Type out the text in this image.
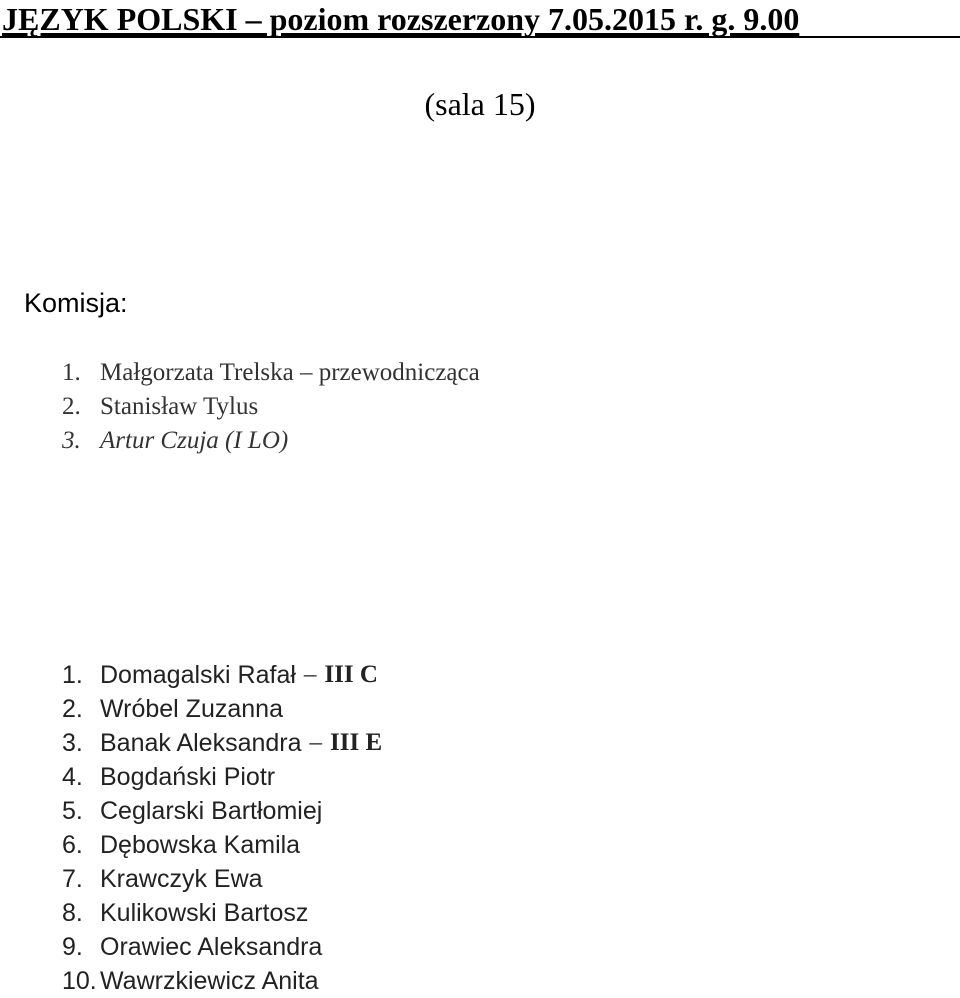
JĘZYK POLSKI – poziom rozszerzony 7.05.2015 r. g. 9.00
(sala 15)
Komisja:
1. Małgorzata Trelska – przewodnicząca
2. Stanisław Tylus
3. Artur Czuja (I LO)
1. Domagalski Rafał – III C
2. Wróbel Zuzanna
3. Banak Aleksandra – III E
4. Bogdański Piotr
5. Ceglarski Bartłomiej
6. Dębowska Kamila
7. Krawczyk Ewa
8. Kulikowski Bartosz
9. Orawiec Aleksandra
10. Wawrzkiewicz Anita
